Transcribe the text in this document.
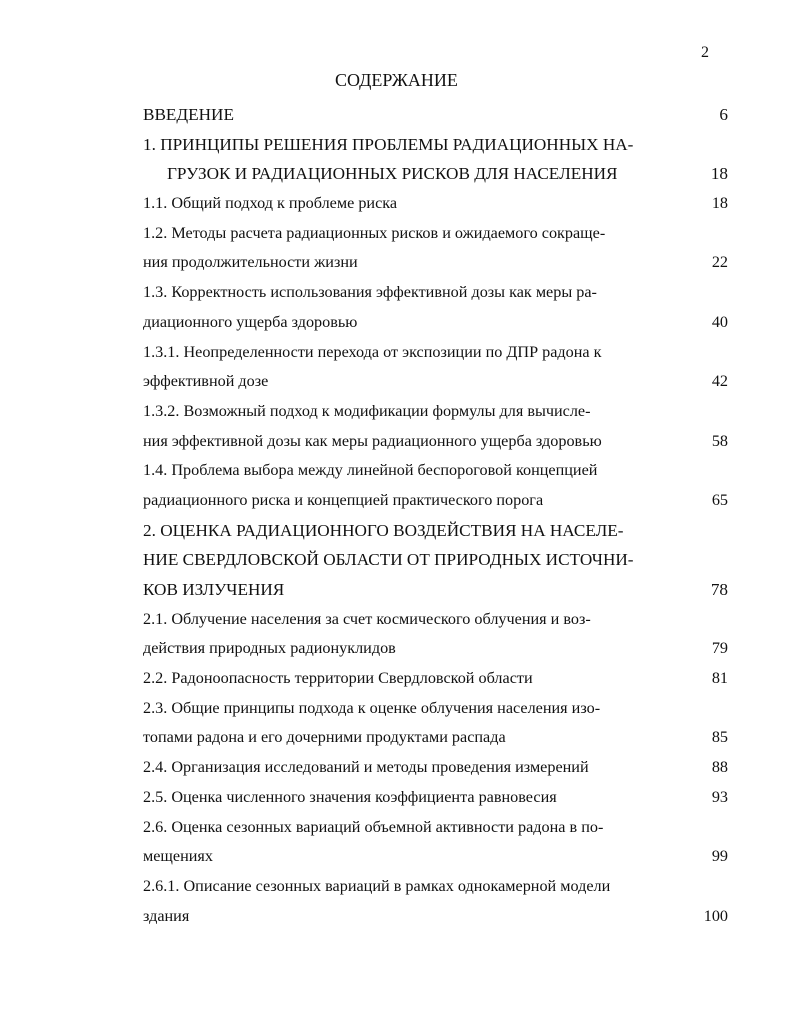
2
СОДЕРЖАНИЕ
ВВЕДЕНИЕ	6
1. ПРИНЦИПЫ РЕШЕНИЯ ПРОБЛЕМЫ РАДИАЦИОННЫХ НА-
ГРУЗОК И РАДИАЦИОННЫХ РИСКОВ ДЛЯ НАСЕЛЕНИЯ	18
1.1. Общий подход к проблеме риска	18
1.2. Методы расчета радиационных рисков и ожидаемого сокраще-
ния продолжительности жизни	22
1.3. Корректность использования эффективной дозы как меры ра-
диационного ущерба здоровью	40
1.3.1. Неопределенности перехода от экспозиции по ДПР радона к
эффективной дозе	42
1.3.2. Возможный подход к модификации формулы для вычисле-
ния эффективной дозы как меры радиационного ущерба здоровью	58
1.4. Проблема выбора между линейной беспороговой концепцией
радиационного риска и концепцией практического порога	65
2. ОЦЕНКА РАДИАЦИОННОГО ВОЗДЕЙСТВИЯ НА НАСЕЛЕ-
НИЕ СВЕРДЛОВСКОЙ ОБЛАСТИ ОТ ПРИРОДНЫХ ИСТОЧНИ-
КОВ ИЗЛУЧЕНИЯ	78
2.1. Облучение населения за счет космического облучения и воз-
действия природных радионуклидов	79
2.2. Радоноопасность территории Свердловской области	81
2.3. Общие принципы подхода к оценке облучения населения изо-
топами радона и его дочерними продуктами распада	85
2.4. Организация исследований и методы проведения измерений	88
2.5. Оценка численного значения коэффициента равновесия	93
2.6. Оценка сезонных вариаций объемной активности радона в по-
мещениях	99
2.6.1. Описание сезонных вариаций в рамках однокамерной модели
здания	100
